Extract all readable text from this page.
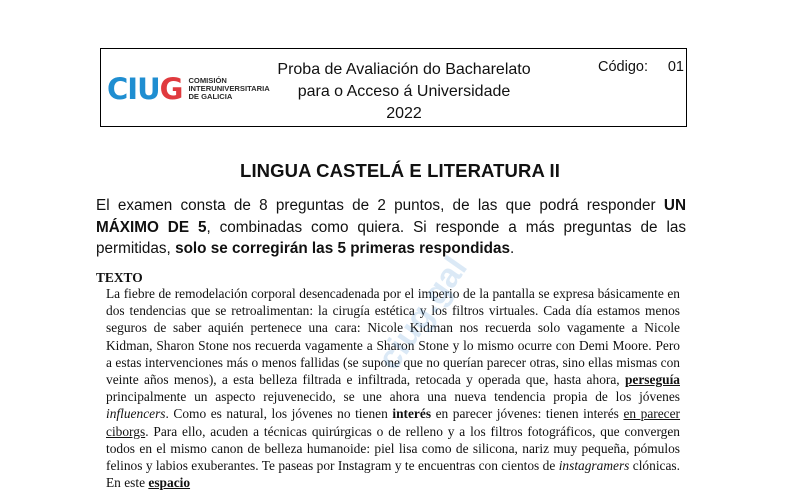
CIUG COMISIÓN
INTERUNIVERSITARIA
DE GALICIA
Proba de Avaliación do Bacharelato
para o Acceso á Universidade
2022
Código: 01
LINGUA CASTELÁ E LITERATURA II
El examen consta de 8 preguntas de 2 puntos, de las que podrá responder UN MÁXIMO DE 5, combinadas como quiera. Si responde a más preguntas de las permitidas, solo se corregirán las 5 primeras respondidas.
TEXTO
La fiebre de remodelación corporal desencadenada por el imperio de la pantalla se expresa básicamente en dos tendencias que se retroalimentan: la cirugía estética y los filtros virtuales. Cada día estamos menos seguros de saber aquién pertenece una cara: Nicole Kidman nos recuerda solo vagamente a Nicole Kidman, Sharon Stone nos recuerda vagamente a Sharon Stone y lo mismo ocurre con Demi Moore. Pero a estas intervenciones más o menos fallidas (se supone que no querían parecer otras, sino ellas mismas con veinte años menos), a esta belleza filtrada e infiltrada, retocada y operada que, hasta ahora, perseguía principalmente un aspecto rejuvenecido, se une ahora una nueva tendencia propia de los jóvenes influencers. Como es natural, los jóvenes no tienen interés en parecer jóvenes: tienen interés en parecer ciborgs. Para ello, acuden a técnicas quirúrgicas o de relleno y a los filtros fotográficos, que convergen todos en el mismo canon de belleza humanoide: piel lisa como de silicona, nariz muy pequeña, pómulos felinos y labios exuberantes. Te paseas por Instagram y te encuentras con cientos de instagramers clónicas. En este espacio
ciug.gal
